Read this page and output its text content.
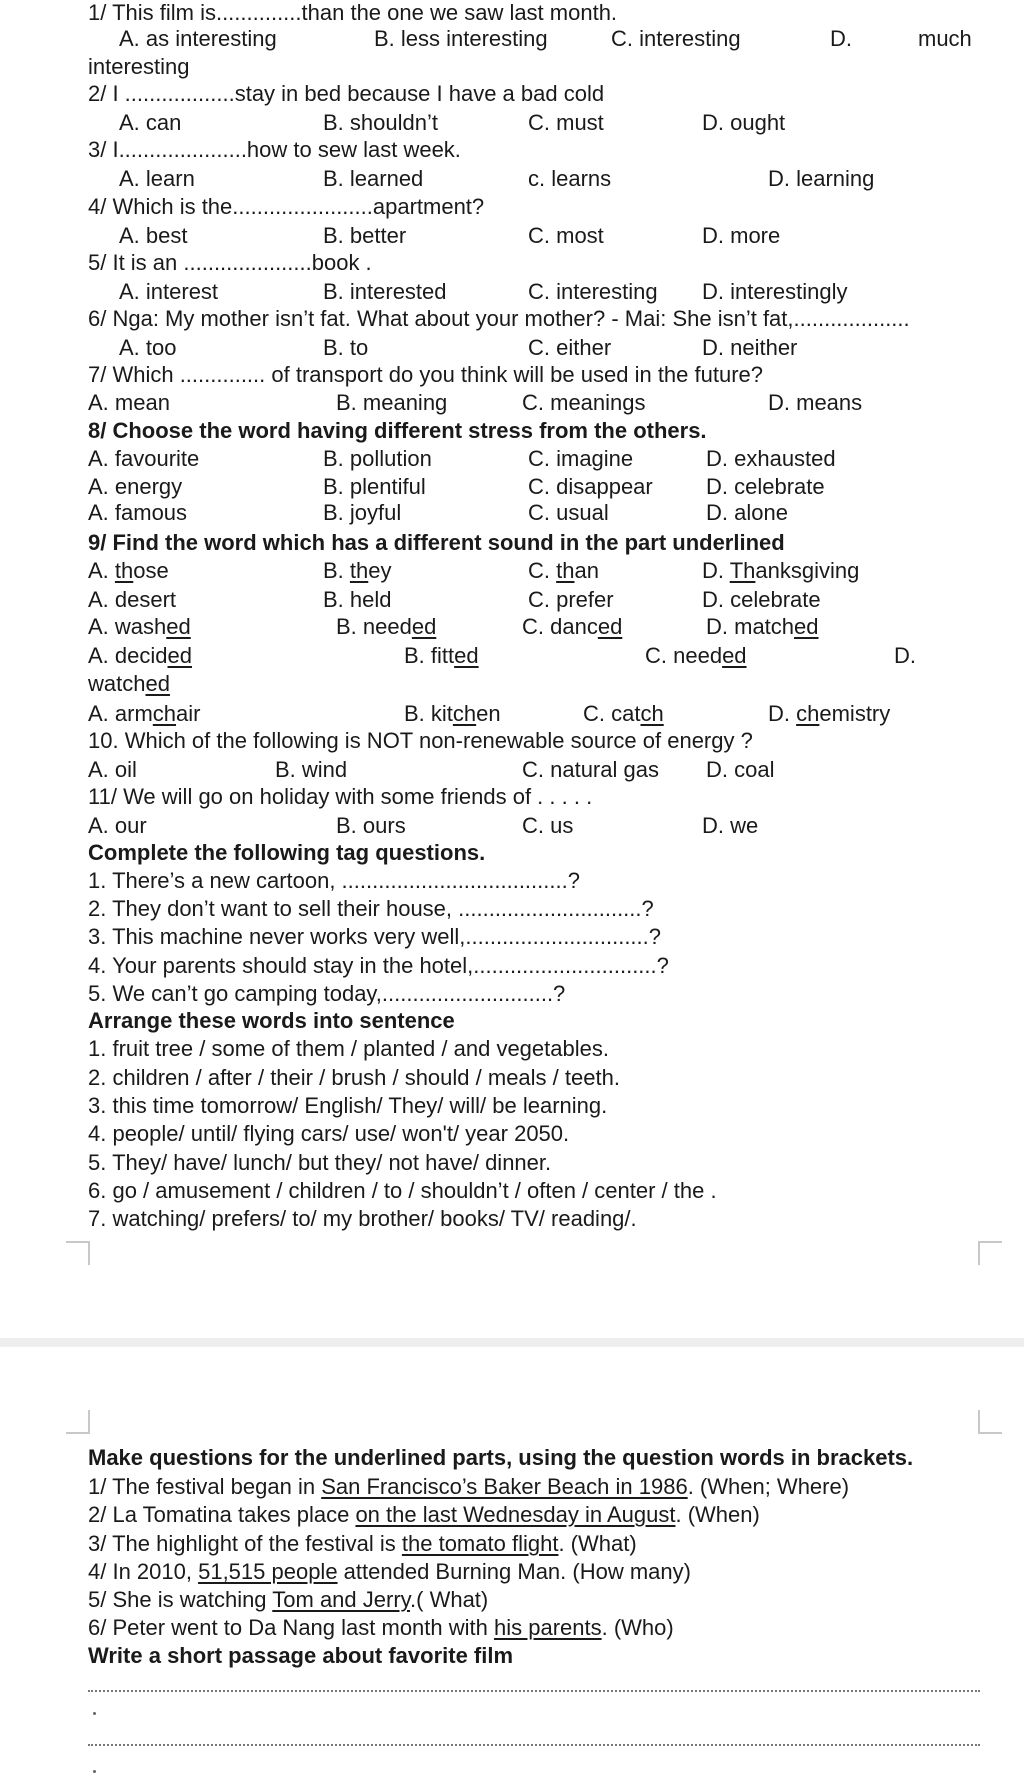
1/ This film is..............than the one we saw last month.
A. as interesting	B. less interesting	C. interesting	D.	much
interesting
2/ I ..................stay in bed because I have a bad cold
A. can	B. shouldn’t	C. must	D. ought
3/ I.....................how to sew last week.
A. learn	B. learned	c. learns	D. learning
4/ Which is the.......................apartment?
A. best	B. better	C. most	D. more
5/ It is an .....................book .
A. interest	B. interested	C. interesting D. interestingly
6/ Nga: My mother isn’t fat. What about your mother? - Mai: She isn’t fat,...................
A. too	B. to	C. either	D. neither
7/ Which .............. of transport do you think will be used in the future?
A. mean	B. meaning	C. meanings	D. means
8/ Choose the word having different stress from the others.
A. favourite	B. pollution	C. imagine	D. exhausted
A. energy	B. plentiful	C. disappear D. celebrate
A. famous	B. joyful	C. usual	D. alone
9/ Find the word which has a different sound in the part underlined
A. those	B. they	C. than	D. Thanksgiving
A. desert	B. held	C. prefer	D. celebrate
A. washed	B. needed	C. danced	D. matched
A. decided	B. fitted	C. needed	D.
watched
A. armchair	B. kitchen	C. catch	D. chemistry
10. Which of the following is NOT non-renewable source of energy ?
A. oil	B. wind	C. natural gas D. coal
11/ We will go on holiday with some friends of . . . . .
A. our	B. ours	C. us	D. we
Complete the following tag questions.
1. There’s a new cartoon, .....................................?
2. They don’t want to sell their house, ..............................?
3. This machine never works very well,..............................?
4. Your parents should stay in the hotel,..............................?
5. We can’t go camping today,............................?
Arrange these words into sentence
1. fruit tree / some of them / planted / and vegetables.
2. children / after / their / brush / should / meals / teeth.
3. this time tomorrow/ English/ They/ will/ be learning.
4. people/ until/ flying cars/ use/ won't/ year 2050.
5. They/ have/ lunch/ but they/ not have/ dinner.
6. go / amusement / children / to / shouldn’t / often / center / the .
7. watching/ prefers/ to/ my brother/ books/ TV/ reading/.
Make questions for the underlined parts, using the question words in brackets.
1/ The festival began in San Francisco’s Baker Beach in 1986. (When; Where)
2/ La Tomatina takes place on the last Wednesday in August. (When)
3/ The highlight of the festival is the tomato flight. (What)
4/ In 2010, 51,515 people attended Burning Man. (How many)
5/ She is watching Tom and Jerry.( What)
6/ Peter went to Da Nang last month with his parents. (Who)
Write a short passage about favorite film
